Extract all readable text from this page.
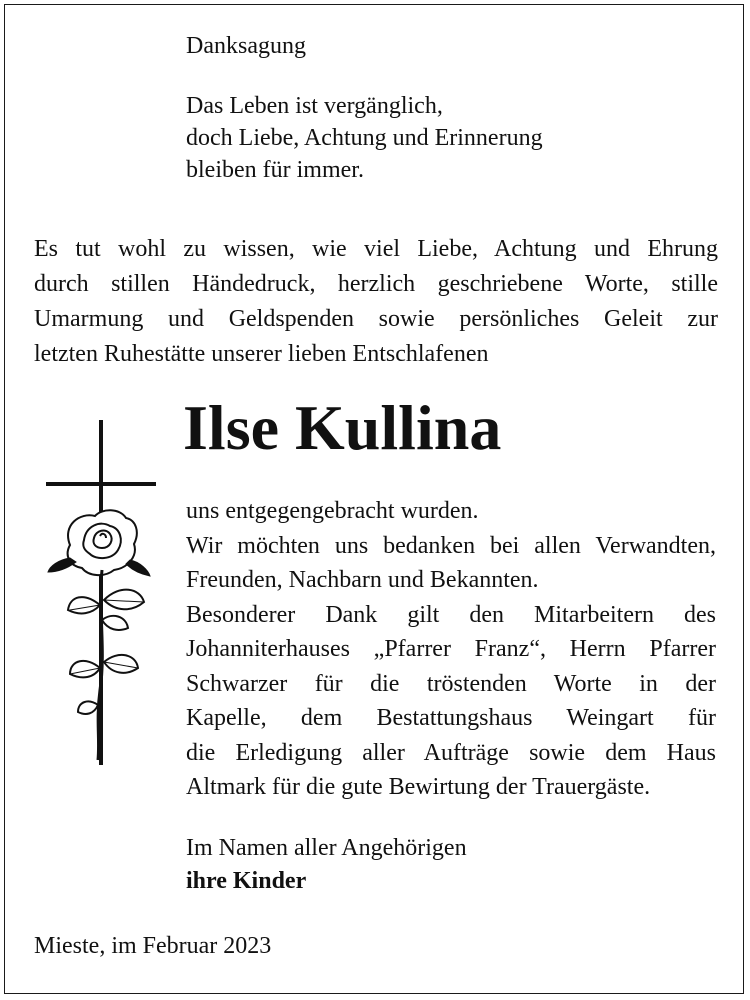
Danksagung
Das Leben ist vergänglich,
doch Liebe, Achtung und Erinnerung
bleiben für immer.
Es tut wohl zu wissen, wie viel Liebe, Achtung und Ehrung
durch stillen Händedruck, herzlich geschriebene Worte, stille
Umarmung und Geldspenden sowie persönliches Geleit zur
letzten Ruhestätte unserer lieben Entschlafenen
Ilse Kullina
uns entgegengebracht wurden.
Wir möchten uns bedanken bei allen Verwandten,
Freunden, Nachbarn und Bekannten.
Besonderer Dank gilt den Mitarbeitern des
Johanniterhauses „Pfarrer Franz“, Herrn Pfarrer
Schwarzer für die tröstenden Worte in der
Kapelle, dem Bestattungshaus Weingart für
die Erledigung aller Aufträge sowie dem Haus
Altmark für die gute Bewirtung der Trauergäste.
Im Namen aller Angehörigen
ihre Kinder
Mieste, im Februar 2023
